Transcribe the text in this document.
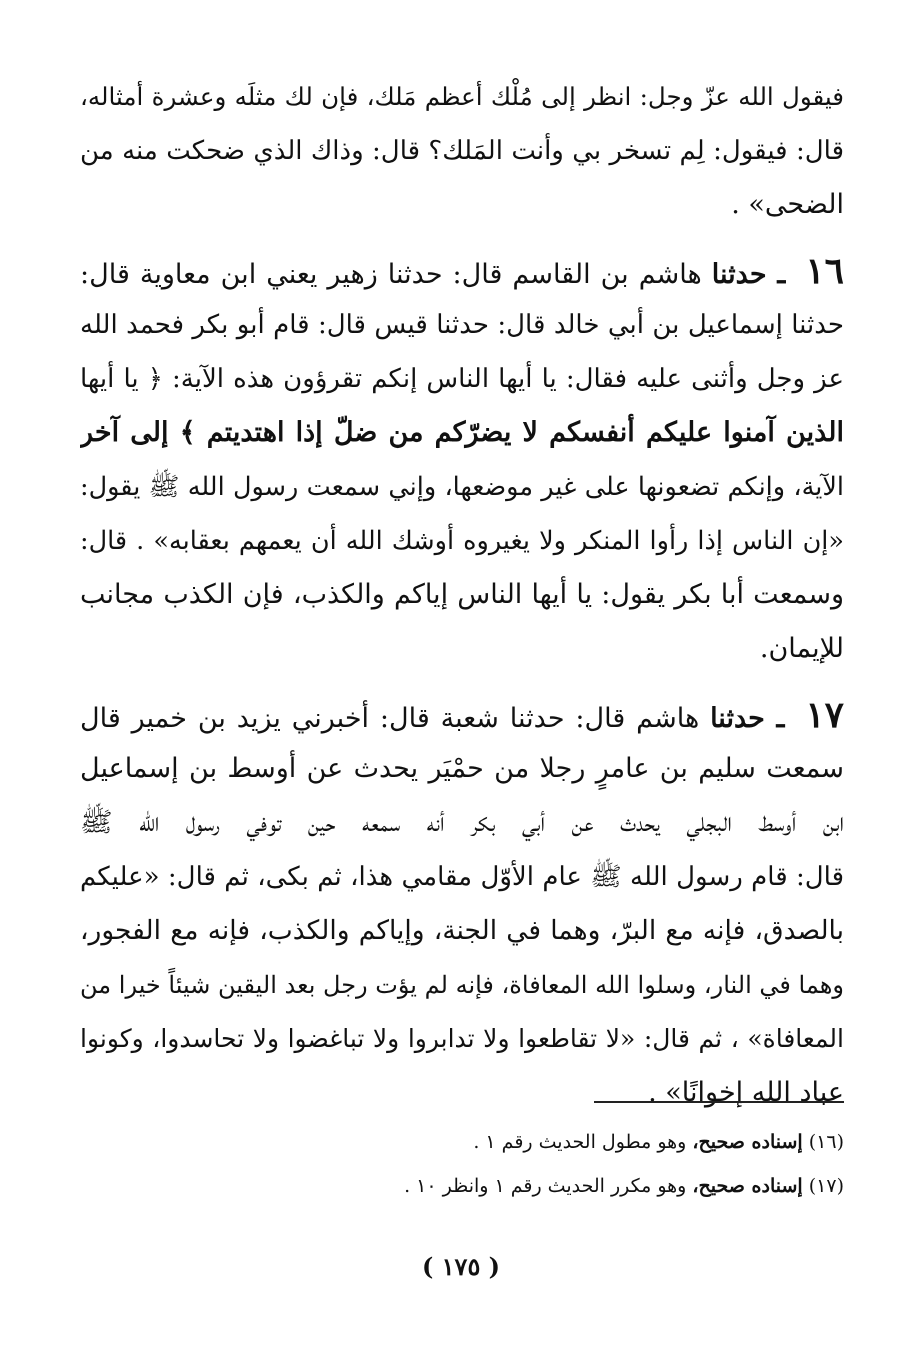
فيقول الله عزّ وجل: انظر إلى مُلْك أعظم مَلك، فإن لك مثلَه وعشرة أمثاله،
قال: فيقول: لِم تسخر بي وأنت المَلك؟ قال: وذاك الذي ضحكت منه من
الضحى» .
١٦ ـ حدثنا هاشم بن القاسم قال: حدثنا زهير يعني ابن معاوية قال:
حدثنا إسماعيل بن أبي خالد قال: حدثنا قيس قال: قام أبو بكر فحمد الله
عز وجل وأثنى عليه فقال: يا أيها الناس إنكم تقرؤون هذه الآية: ﴿ يا أيها
الذين آمنوا عليكم أنفسكم لا يضرّكم من ضلّ إذا اهتديتم ﴾ إلى آخر
الآية، وإنكم تضعونها على غير موضعها، وإني سمعت رسول الله ﷺ يقول:
«إن الناس إذا رأوا المنكر ولا يغيروه أوشك الله أن يعمهم بعقابه» . قال:
وسمعت أبا بكر يقول: يا أيها الناس إياكم والكذب، فإن الكذب مجانب
للإيمان.
١٧ ـ حدثنا هاشم قال: حدثنا شعبة قال: أخبرني يزيد بن خمير قال
سمعت سليم بن عامرٍ رجلا من حمْيَر يحدث عن أوسط بن إسماعيل
ابن أوسط البجلي يحدث عن أبي بكر أنه سمعه حين توفي رسول الله ﷺ
قال: قام رسول الله ﷺ عام الأوّل مقامي هذا، ثم بكى، ثم قال: «عليكم
بالصدق، فإنه مع البرّ، وهما في الجنة، وإياكم والكذب، فإنه مع الفجور،
وهما في النار، وسلوا الله المعافاة، فإنه لم يؤت رجل بعد اليقين شيئاً خيرا من
المعافاة» ، ثم قال: «لا تقاطعوا ولا تدابروا ولا تباغضوا ولا تحاسدوا، وكونوا
عباد الله إخوانًا» .
(١٦) إسناده صحيح، وهو مطول الحديث رقم ١ .
(١٧) إسناده صحيح، وهو مكرر الحديث رقم ١ وانظر ١٠ .
( ١٧٥ )
